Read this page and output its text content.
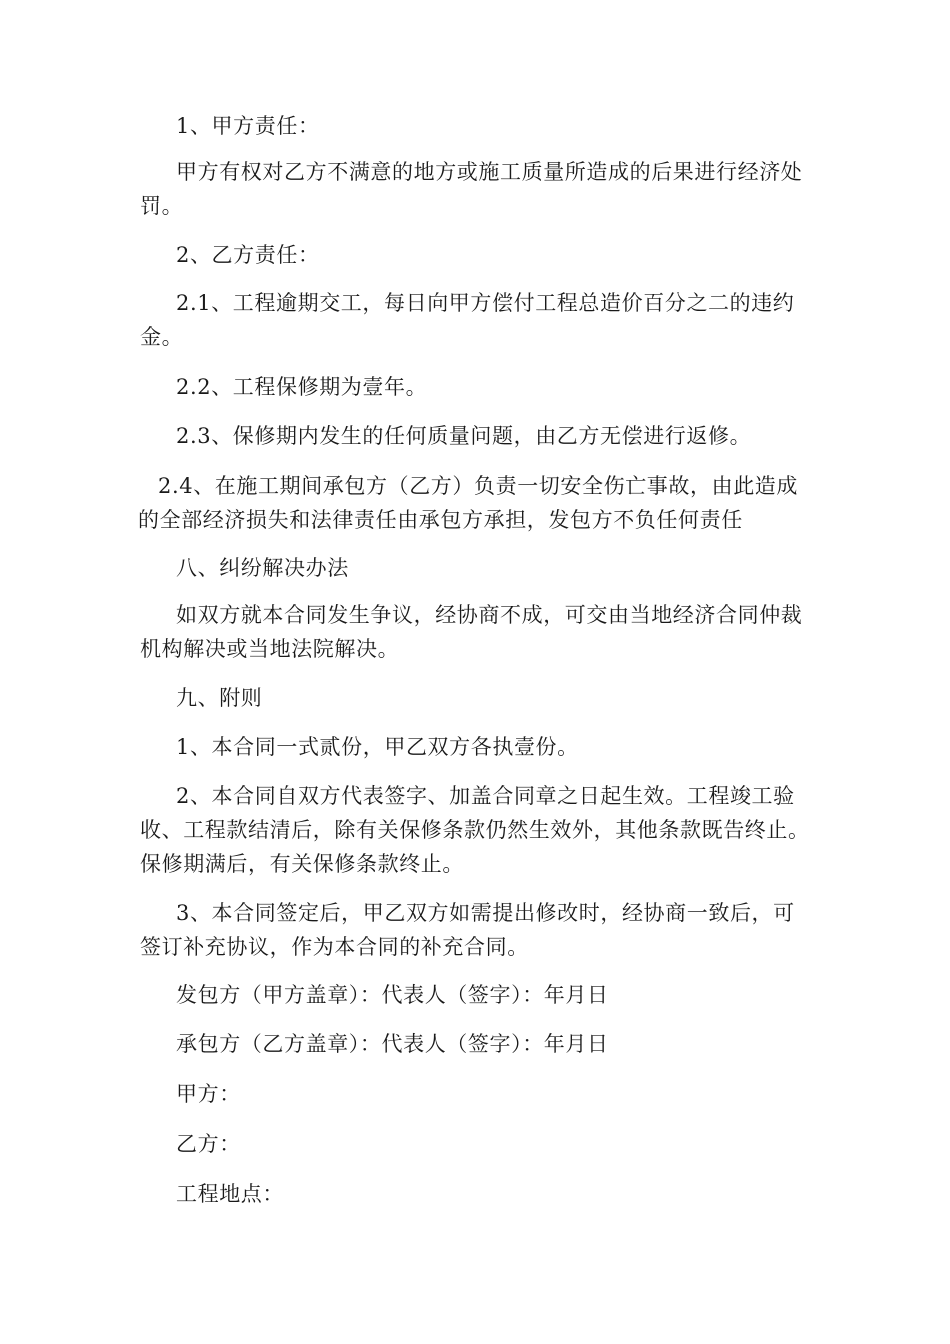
1、甲方责任：

甲方有权对乙方不满意的地方或施工质量所造成的后果进行经济处罚。

2、乙方责任：

2.1、工程逾期交工，每日向甲方偿付工程总造价百分之二的违约金。

2.2、工程保修期为壹年。

2.3、保修期内发生的任何质量问题，由乙方无偿进行返修。

2.4、在施工期间承包方（乙方）负责一切安全伤亡事故，由此造成的全部经济损失和法律责任由承包方承担，发包方不负任何责任

八、纠纷解决办法

如双方就本合同发生争议，经协商不成，可交由当地经济合同仲裁机构解决或当地法院解决。

九、附则

1、本合同一式贰份，甲乙双方各执壹份。

2、本合同自双方代表签字、加盖合同章之日起生效。工程竣工验收、工程款结清后，除有关保修条款仍然生效外，其他条款既告终止。保修期满后，有关保修条款终止。

3、本合同签定后，甲乙双方如需提出修改时，经协商一致后，可签订补充协议，作为本合同的补充合同。

发包方（甲方盖章）：代表人（签字）：年月日

承包方（乙方盖章）：代表人（签字）：年月日

甲方：

乙方：

工程地点：
